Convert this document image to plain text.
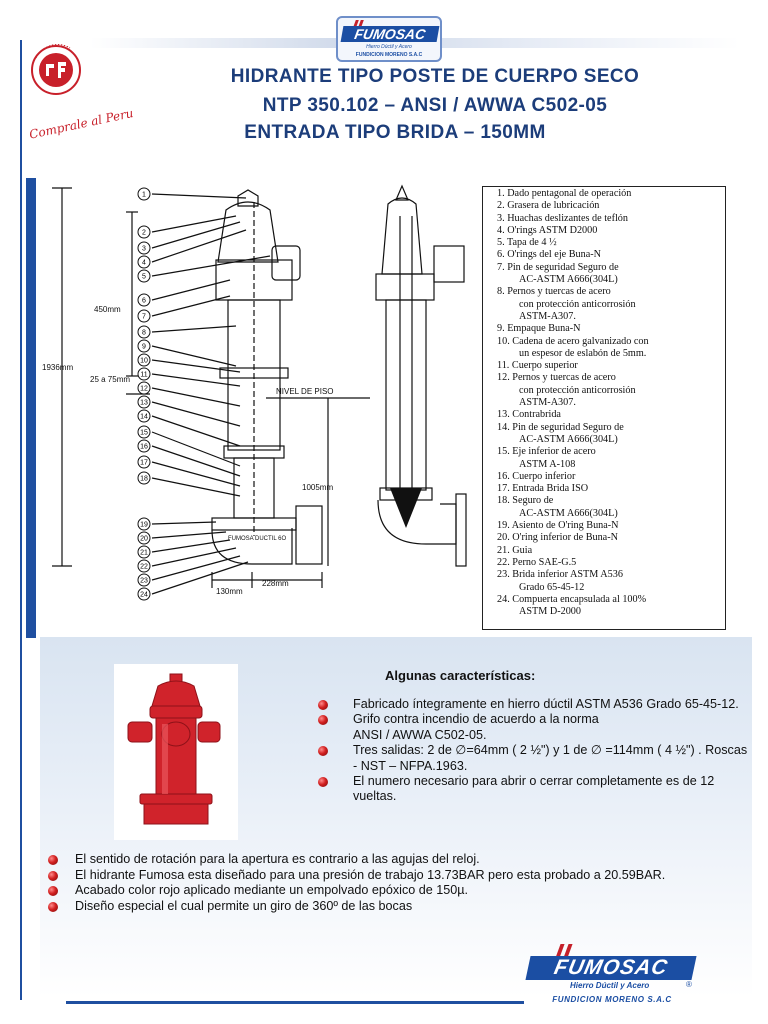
FUMOSAC
Hierro Dúctil y Acero
FUNDICION MORENO S.A.C
Comprale al Peru
HIDRANTE TIPO POSTE DE CUERPO SECO
NTP 350.102 – ANSI / AWWA C502-05
ENTRADA TIPO BRIDA – 150MM
1936mm
450mm
25 a 75mm
NIVEL DE PISO
1005mm
130mm
228mm
FUMOSA DUCTIL 6O
1
2
3
4
5
6
7
8
9
10
11
12
13
14
15
16
17
18
19
20
21
22
23
24
1. Dado pentagonal de operación
2. Grasera de lubricación
3. Huachas deslizantes de teflón
4. O'rings ASTM D2000
5. Tapa de 4 ½
6. O'rings del eje Buna-N
7. Pin de seguridad Seguro de
AC-ASTM A666(304L)
8. Pernos y tuercas de acero
con protección anticorrosión
ASTM-A307.
9. Empaque Buna-N
10. Cadena de acero galvanizado con
un espesor de eslabón de 5mm.
11. Cuerpo superior
12. Pernos y tuercas de acero
con protección anticorrosión
ASTM-A307.
13. Contrabrida
14. Pin de seguridad Seguro de
AC-ASTM A666(304L)
15. Eje inferior de acero
ASTM A-108
16. Cuerpo inferior
17. Entrada Brida ISO
18. Seguro de
AC-ASTM A666(304L)
19. Asiento de O'ring Buna-N
20. O'ring inferior de Buna-N
21. Guia
22. Perno SAE-G.5
23. Brida inferior ASTM A536
Grado 65-45-12
24. Compuerta encapsulada al 100%
ASTM D-2000
Algunas características:
Fabricado íntegramente en hierro dúctil ASTM A536 Grado 65-45-12.
Grifo contra incendio de acuerdo a la norma
ANSI / AWWA C502-05.
Tres salidas: 2 de ∅=64mm ( 2 ½") y 1 de ∅ =114mm ( 4 ½") . Roscas - NST – NFPA.1963.
El numero necesario para abrir o cerrar completamente es de 12 vueltas.
El sentido de rotación para la apertura es contrario a las agujas del reloj.
El hidrante Fumosa esta diseñado para una presión de trabajo 13.73BAR pero esta probado a 20.59BAR.
Acabado color rojo aplicado mediante un empolvado epóxico de 150µ.
Diseño especial el cual permite un giro de 360º de las bocas
FUMOSAC
Hierro Dúctil y Acero	®
FUNDICION MORENO S.A.C
